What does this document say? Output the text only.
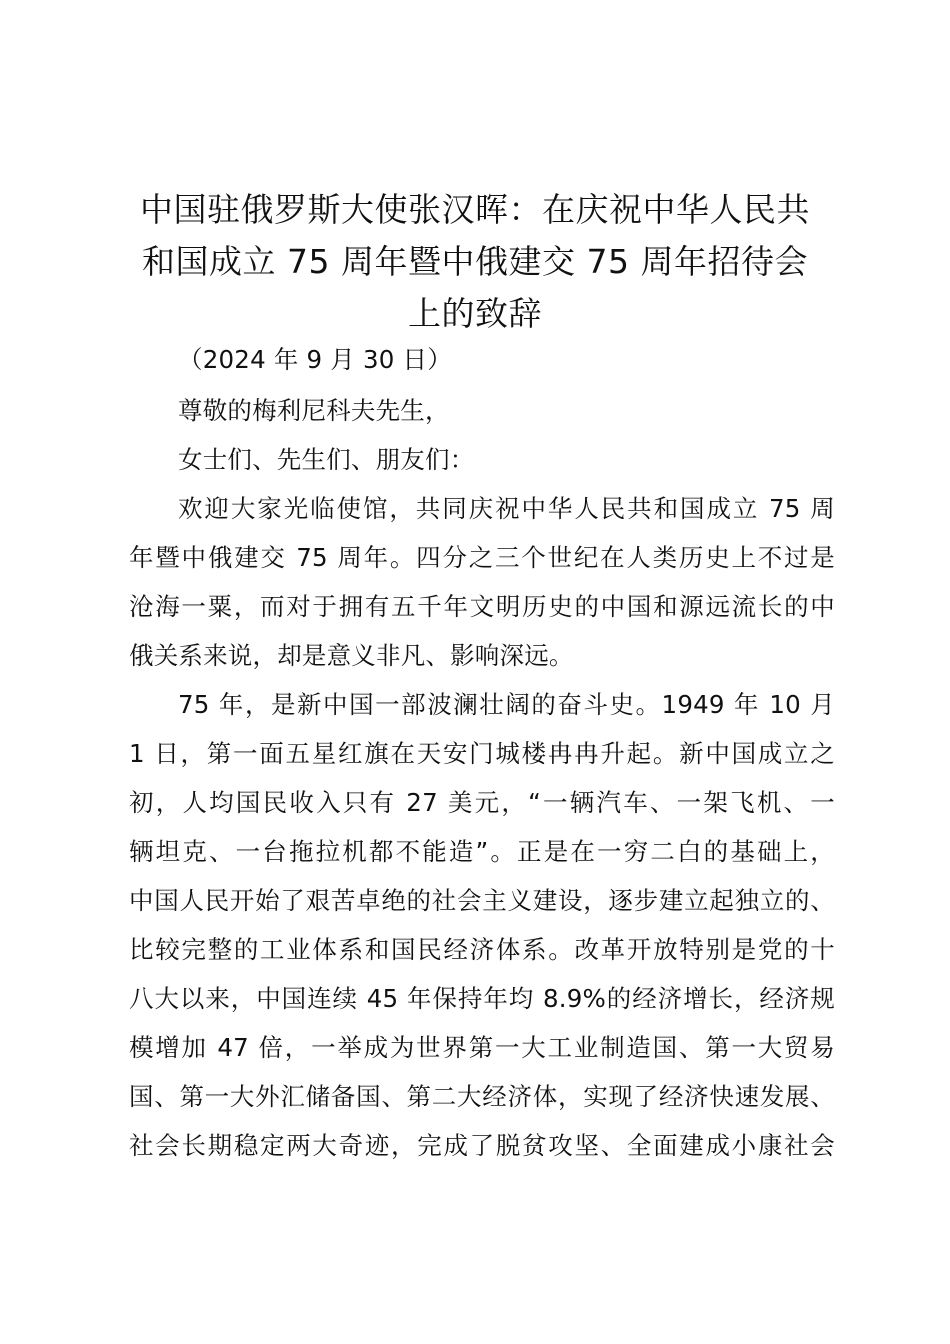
中国驻俄罗斯大使张汉晖：在庆祝中华人民共
和国成立 75 周年暨中俄建交 75 周年招待会
上的致辞
（2024 年 9 月 30 日）
尊敬的梅利尼科夫先生，
女士们、先生们、朋友们：
欢迎大家光临使馆，共同庆祝中华人民共和国成立 75 周
年暨中俄建交 75 周年。四分之三个世纪在人类历史上不过是
沧海一粟，而对于拥有五千年文明历史的中国和源远流长的中
俄关系来说，却是意义非凡、影响深远。
75 年，是新中国一部波澜壮阔的奋斗史。1949 年 10 月
1 日，第一面五星红旗在天安门城楼冉冉升起。新中国成立之
初，人均国民收入只有 27 美元，“一辆汽车、一架飞机、一
辆坦克、一台拖拉机都不能造”。正是在一穷二白的基础上，
中国人民开始了艰苦卓绝的社会主义建设，逐步建立起独立的、
比较完整的工业体系和国民经济体系。改革开放特别是党的十
八大以来，中国连续 45 年保持年均 8.9%的经济增长，经济规
模增加 47 倍，一举成为世界第一大工业制造国、第一大贸易
国、第一大外汇储备国、第二大经济体，实现了经济快速发展、
社会长期稳定两大奇迹，完成了脱贫攻坚、全面建成小康社会
